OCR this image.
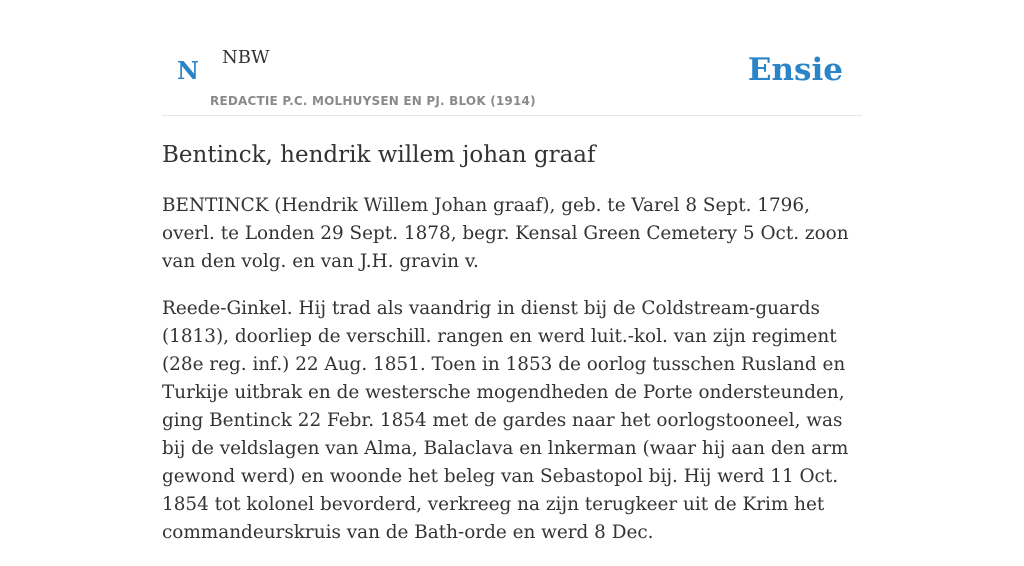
N NBW
REDACTIE P.C. MOLHUYSEN EN PJ. BLOK (1914)
Ensie
Bentinck, hendrik willem johan graaf

BENTINCK (Hendrik Willem Johan graaf), geb. te Varel 8 Sept. 1796, overl. te Londen 29 Sept. 1878, begr. Kensal Green Cemetery 5 Oct. zoon van den volg. en van J.H. gravin v.

Reede-Ginkel. Hij trad als vaandrig in dienst bij de Coldstream-guards (1813), doorliep de verschill. rangen en werd luit.-kol. van zijn regiment (28e reg. inf.) 22 Aug. 1851. Toen in 1853 de oorlog tusschen Rusland en Turkije uitbrak en de westersche mogendheden de Porte ondersteunden, ging Bentinck 22 Febr. 1854 met de gardes naar het oorlogstooneel, was bij de veldslagen van Alma, Balaclava en lnkerman (waar hij aan den arm gewond werd) en woonde het beleg van Sebastopol bij. Hij werd 11 Oct. 1854 tot kolonel bevorderd, verkreeg na zijn terugkeer uit de Krim het commandeurskruis van de Bath-orde en werd 8 Dec.
